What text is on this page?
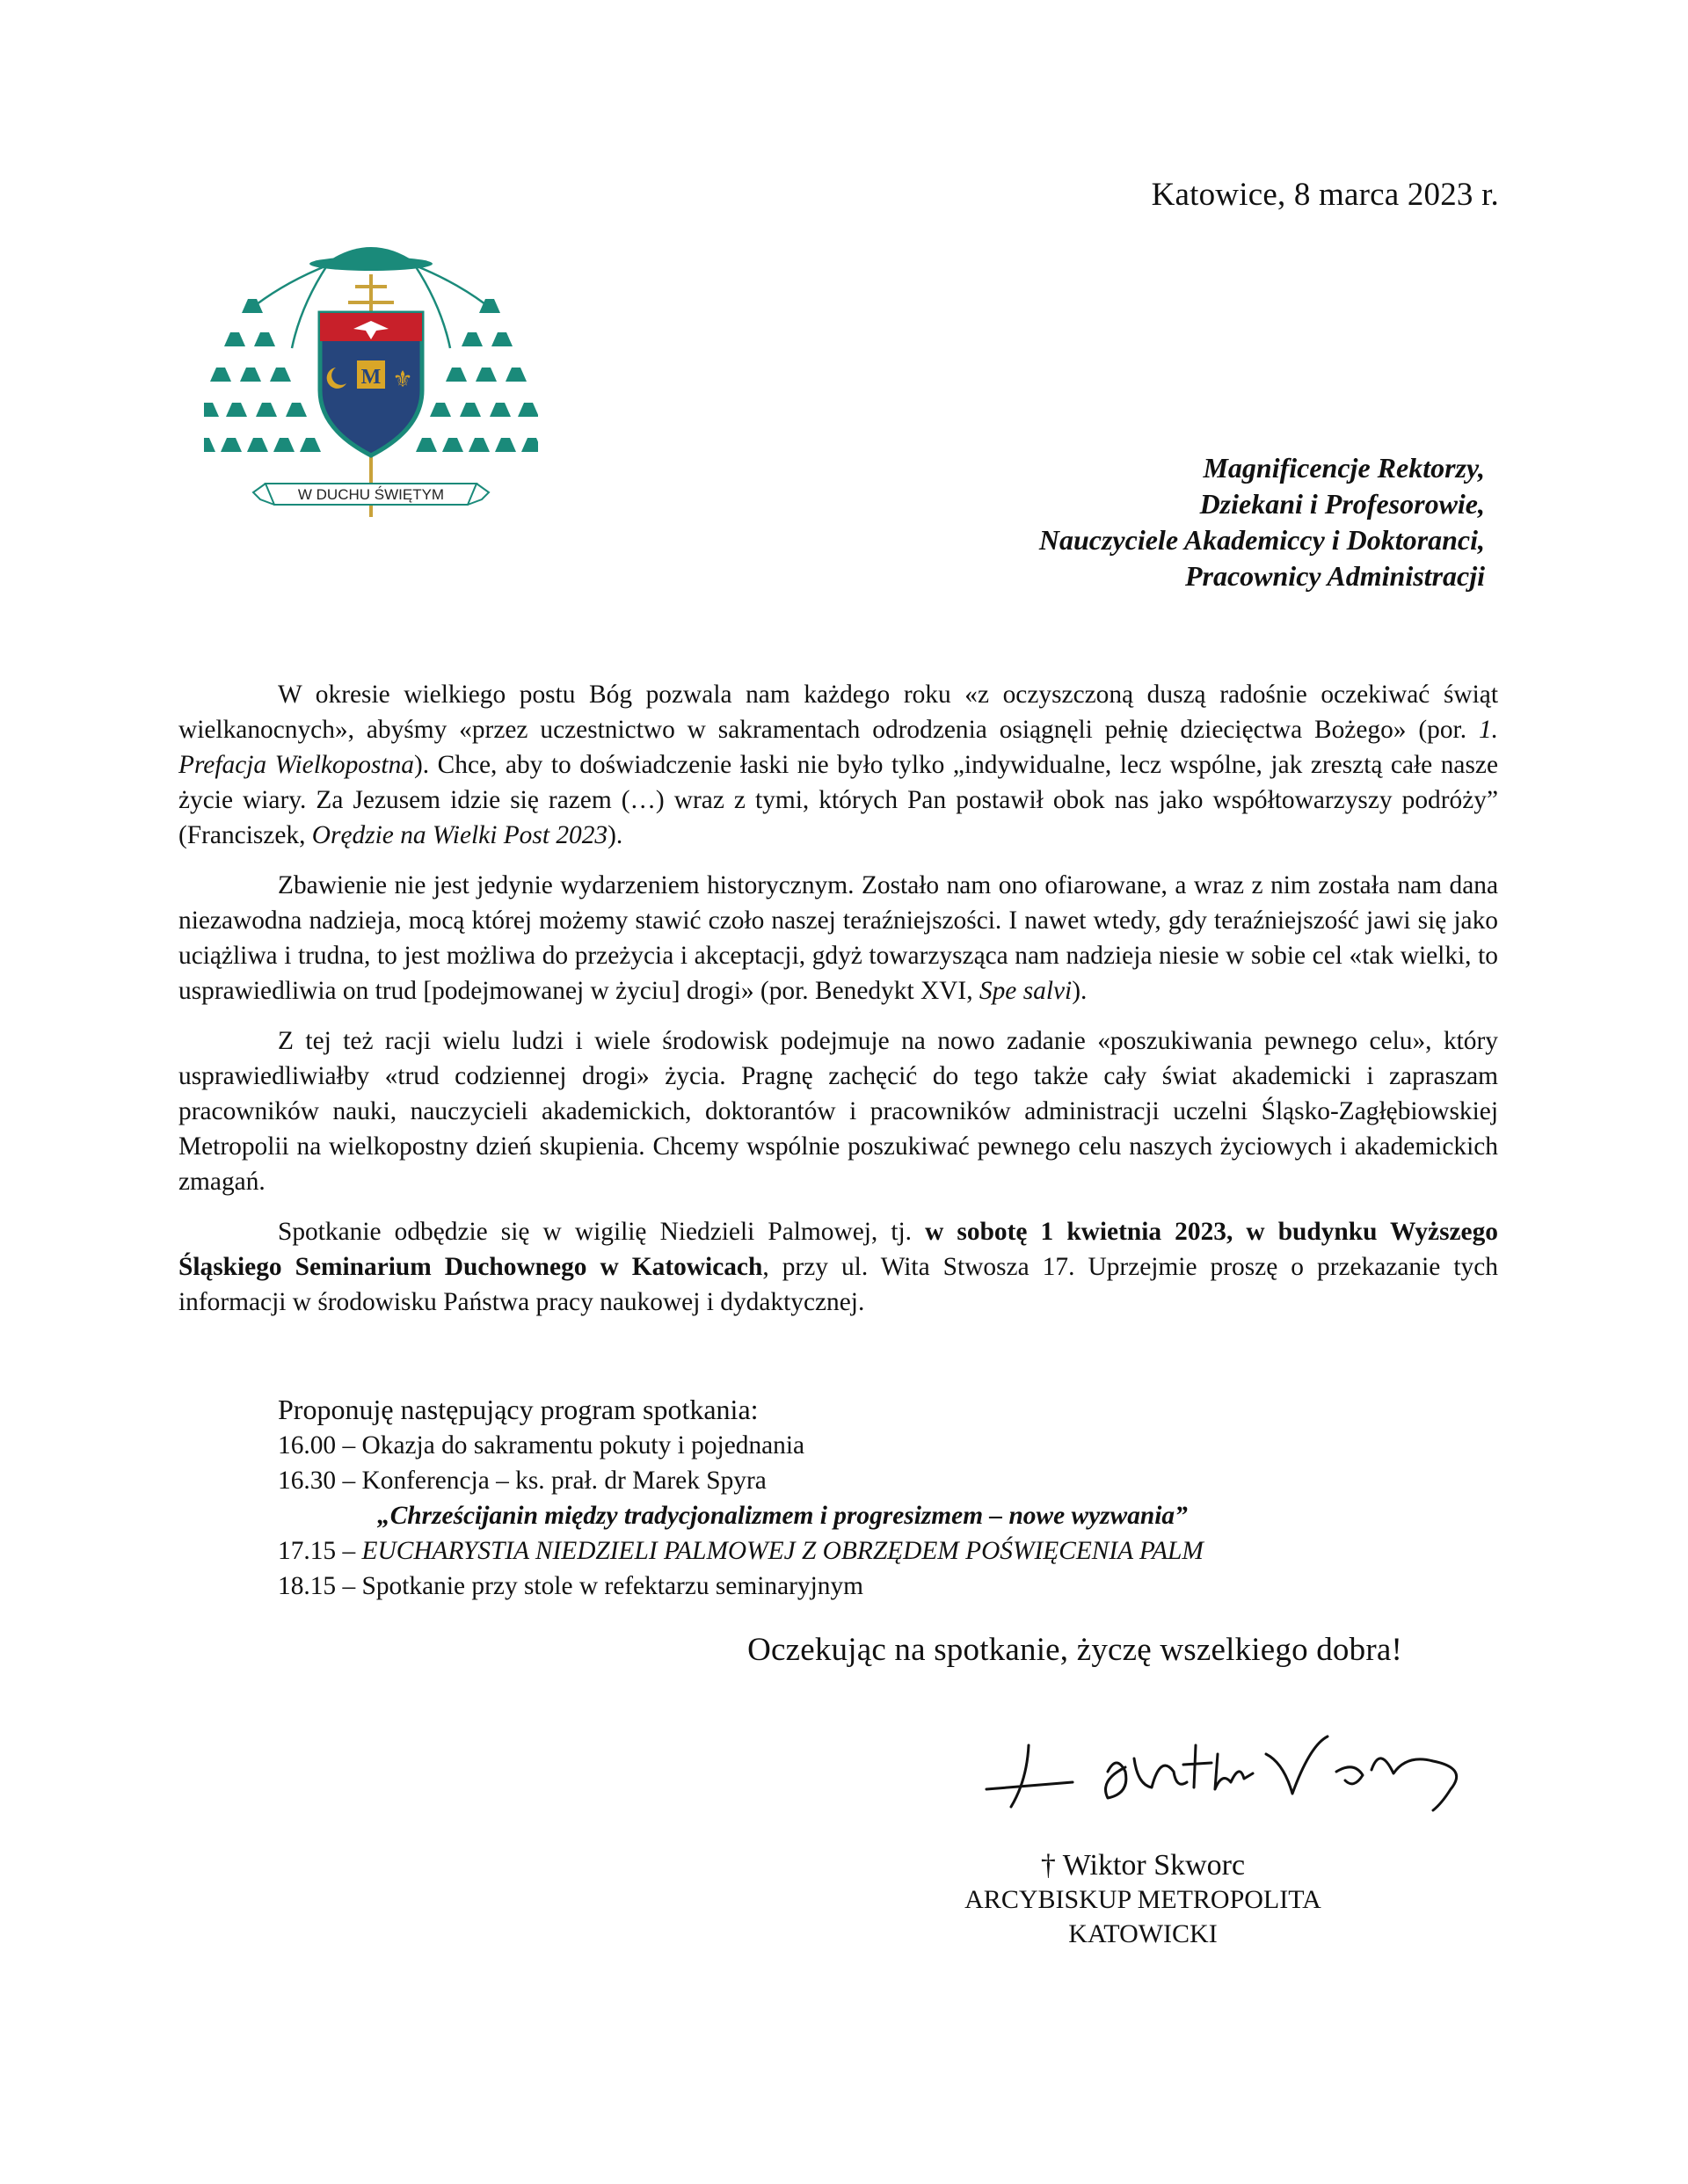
Katowice, 8 marca 2023 r.
M ⚜
W DUCHU ŚWIĘTYM
Magnificencje Rektorzy,
Dziekani i Profesorowie,
Nauczyciele Akademiccy i Doktoranci,
Pracownicy Administracji

W okresie wielkiego postu Bóg pozwala nam każdego roku «z oczyszczoną duszą radośnie oczekiwać świąt wielkanocnych», abyśmy «przez uczestnictwo w sakramentach odrodzenia osiągnęli pełnię dziecięctwa Bożego» (por. 1. Prefacja Wielkopostna). Chce, aby to doświadczenie łaski nie było tylko „indywidualne, lecz wspólne, jak zresztą całe nasze życie wiary. Za Jezusem idzie się razem (…) wraz z tymi, których Pan postawił obok nas jako współtowarzyszy podróży” (Franciszek, Orędzie na Wielki Post 2023).

Zbawienie nie jest jedynie wydarzeniem historycznym. Zostało nam ono ofiarowane, a wraz z nim została nam dana niezawodna nadzieja, mocą której możemy stawić czoło naszej teraźniejszości. I nawet wtedy, gdy teraźniejszość jawi się jako uciążliwa i trudna, to jest możliwa do przeżycia i akceptacji, gdyż towarzysząca nam nadzieja niesie w sobie cel «tak wielki, to usprawiedliwia on trud [podejmowanej w życiu] drogi» (por. Benedykt XVI, Spe salvi).

Z tej też racji wielu ludzi i wiele środowisk podejmuje na nowo zadanie «poszukiwania pewnego celu», który usprawiedliwiałby «trud codziennej drogi» życia. Pragnę zachęcić do tego także cały świat akademicki i zapraszam pracowników nauki, nauczycieli akademickich, doktorantów i pracowników administracji uczelni Śląsko-Zagłębiowskiej Metropolii na wielkopostny dzień skupienia. Chcemy wspólnie poszukiwać pewnego celu naszych życiowych i akademickich zmagań.

Spotkanie odbędzie się w wigilię Niedzieli Palmowej, tj. w sobotę 1 kwietnia 2023, w budynku Wyższego Śląskiego Seminarium Duchownego w Katowicach, przy ul. Wita Stwosza 17. Uprzejmie proszę o przekazanie tych informacji w środowisku Państwa pracy naukowej i dydaktycznej.

Proponuję następujący program spotkania:
16.00 – Okazja do sakramentu pokuty i pojednania
16.30 – Konferencja – ks. prał. dr Marek Spyra
„Chrześcijanin między tradycjonalizmem i progresizmem – nowe wyzwania”
17.15 – EUCHARYSTIA NIEDZIELI PALMOWEJ Z OBRZĘDEM POŚWIĘCENIA PALM
18.15 – Spotkanie przy stole w refektarzu seminaryjnym
Oczekując na spotkanie, życzę wszelkiego dobra!
† Wiktor Skworc
ARCYBISKUP METROPOLITA
KATOWICKI
